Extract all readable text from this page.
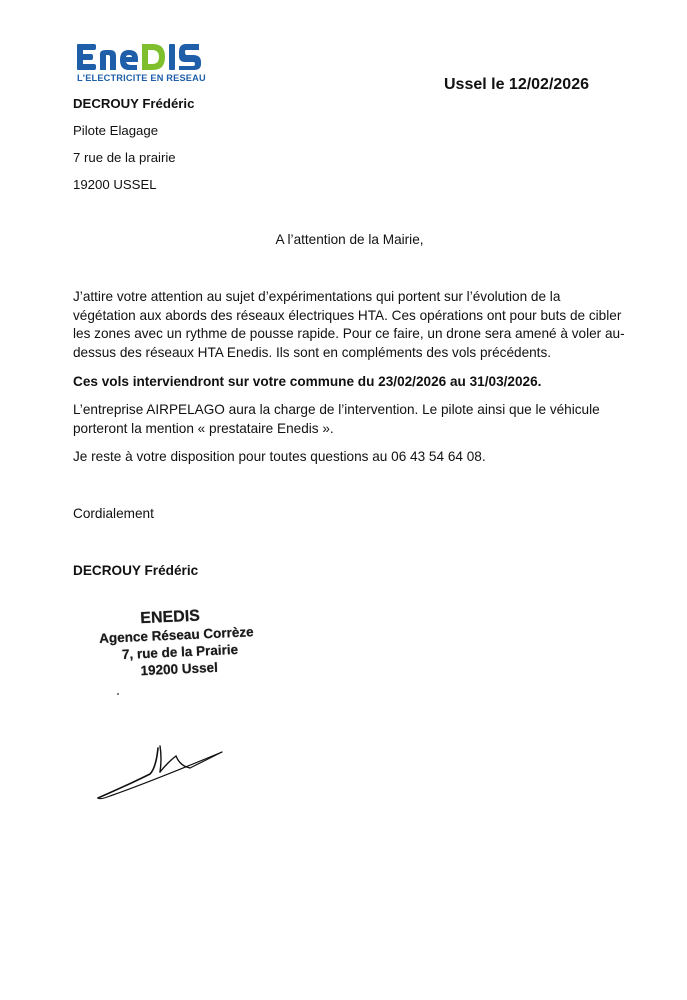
L'ELECTRICITE EN RESEAU	Ussel le 12/02/2026
DECROUY Frédéric
Pilote Elagage
7 rue de la prairie
19200 USSEL
A l’attention de la Mairie,
J’attire votre attention au sujet d’expérimentations qui portent sur l’évolution de la
végétation aux abords des réseaux électriques HTA. Ces opérations ont pour buts de cibler
les zones avec un rythme de pousse rapide. Pour ce faire, un drone sera amené à voler au-
dessus des réseaux HTA Enedis. Ils sont en compléments des vols précédents.
Ces vols interviendront sur votre commune du 23/02/2026 au 31/03/2026.
L’entreprise AIRPELAGO aura la charge de l’intervention. Le pilote ainsi que le véhicule
porteront la mention « prestataire Enedis ».
Je reste à votre disposition pour toutes questions au 06 43 54 64 08.
Cordialement
DECROUY Frédéric
ENEDIS
Agence Réseau Corrèze
7, rue de la Prairie
19200 Ussel
